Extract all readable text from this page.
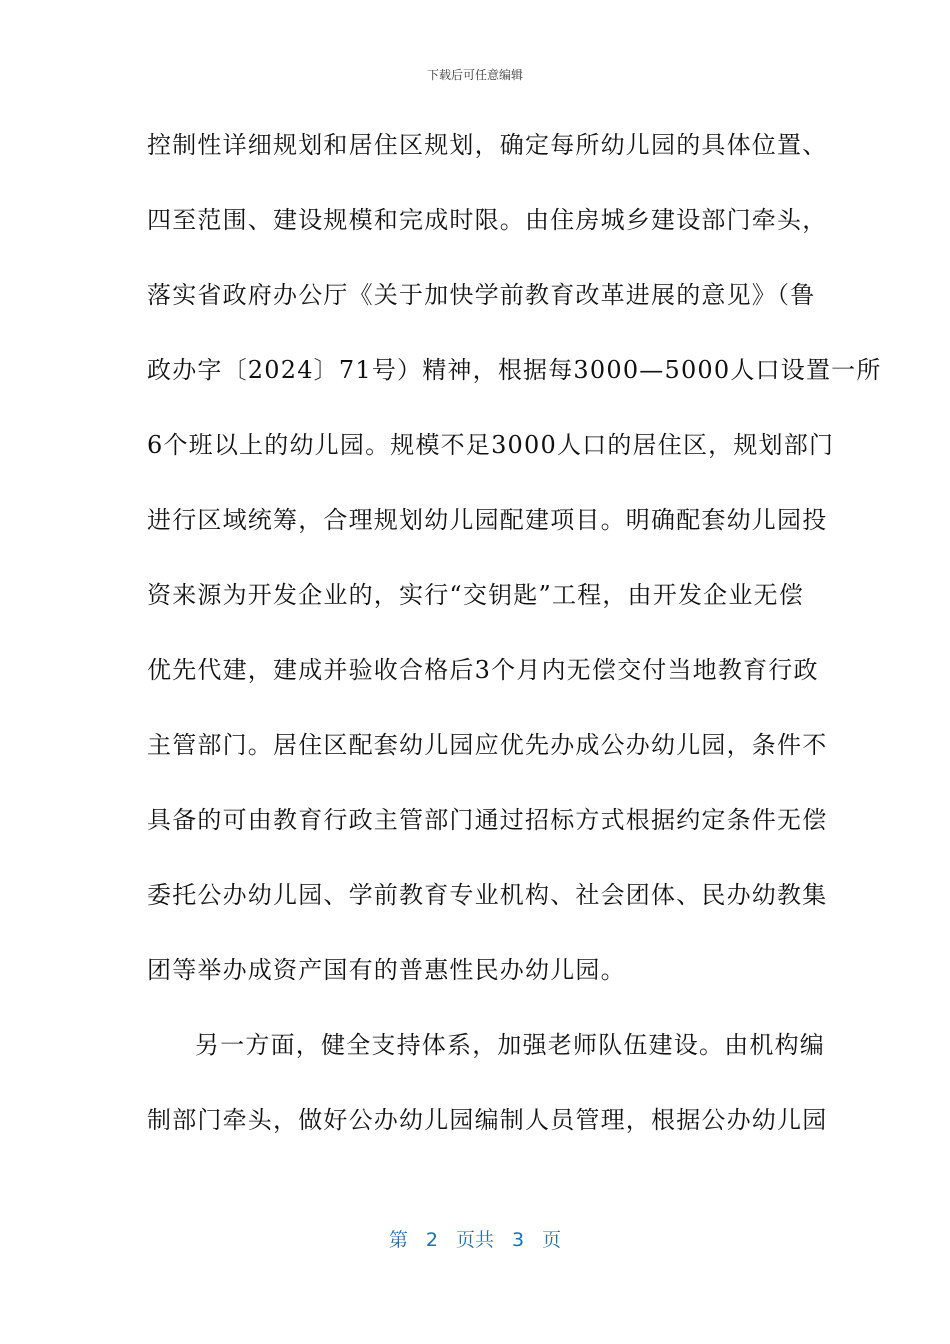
下载后可任意编辑
控制性详细规划和居住区规划，确定每所幼儿园的具体位置、
四至范围、建设规模和完成时限。由住房城乡建设部门牵头，
落实省政府办公厅《关于加快学前教育改革进展的意见》（鲁
政办字〔2024〕71号）精神，根据每3000—5000人口设置一所
6个班以上的幼儿园。规模不足3000人口的居住区，规划部门
进行区域统筹，合理规划幼儿园配建项目。明确配套幼儿园投
资来源为开发企业的，实行“交钥匙”工程，由开发企业无偿
优先代建，建成并验收合格后3个月内无偿交付当地教育行政
主管部门。居住区配套幼儿园应优先办成公办幼儿园，条件不
具备的可由教育行政主管部门通过招标方式根据约定条件无偿
委托公办幼儿园、学前教育专业机构、社会团体、民办幼教集
团等举办成资产国有的普惠性民办幼儿园。
另一方面，健全支持体系，加强老师队伍建设。由机构编
制部门牵头，做好公办幼儿园编制人员管理，根据公办幼儿园
第 2 页共 3 页
